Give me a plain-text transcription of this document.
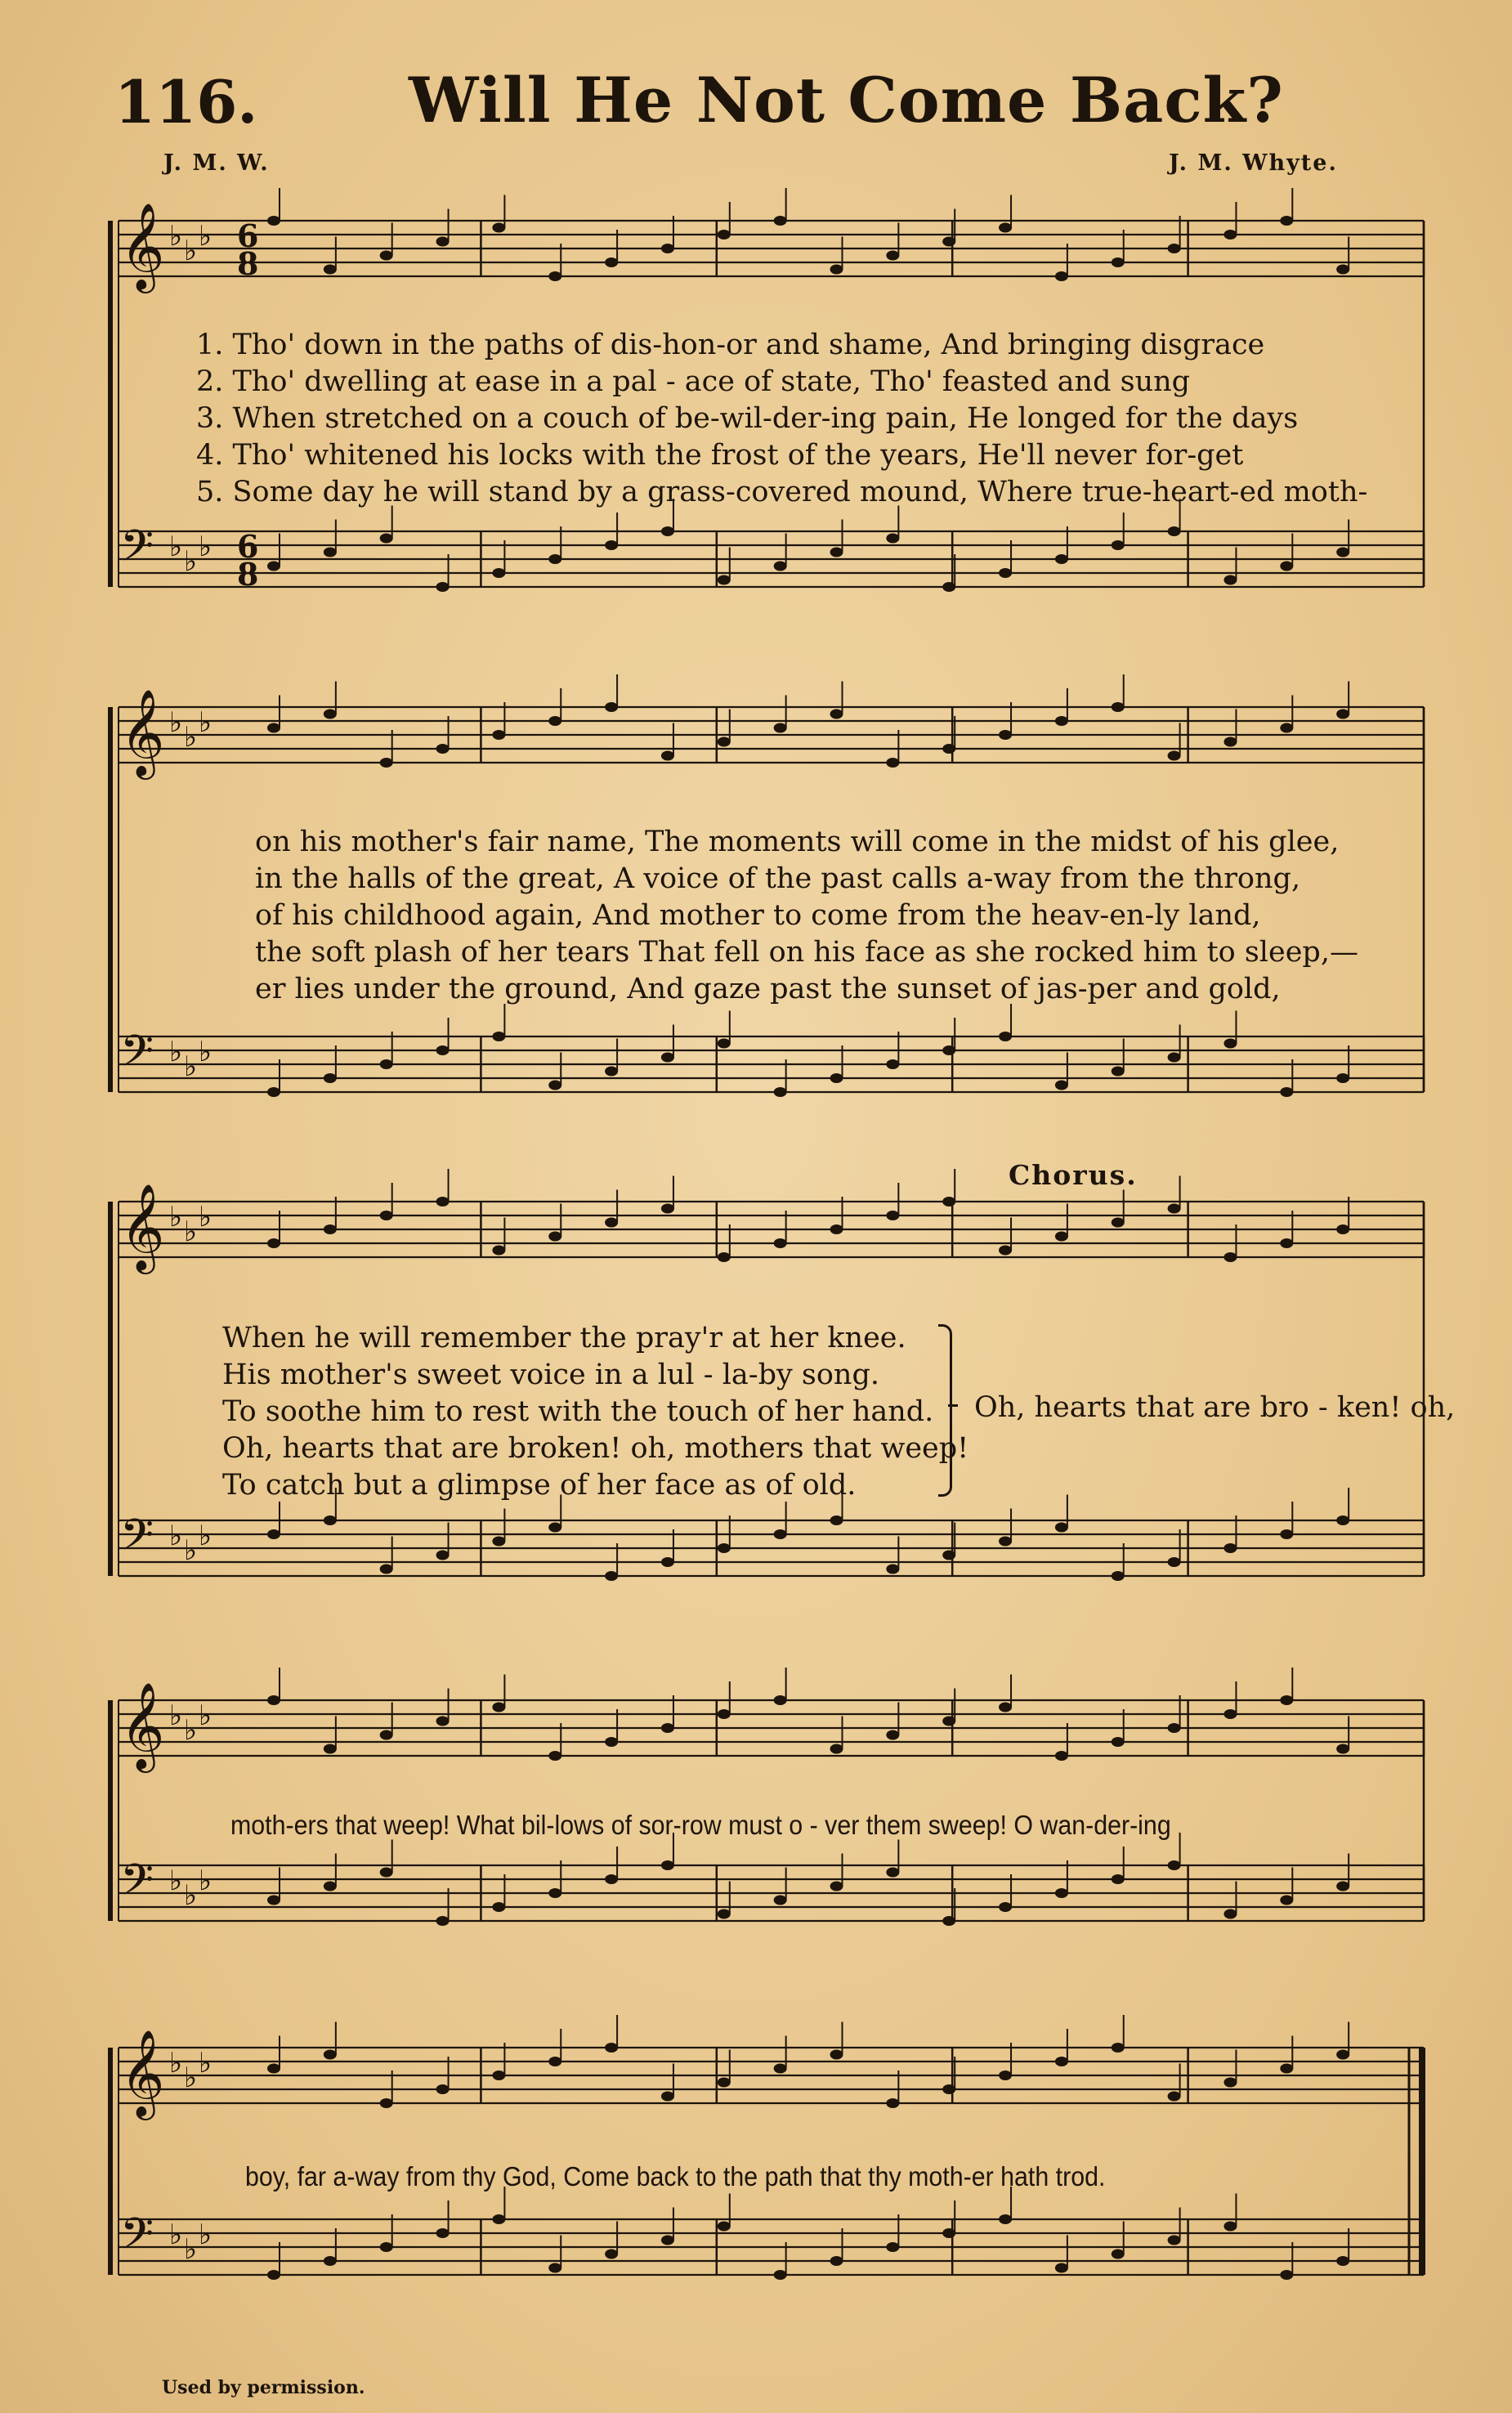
𝄞 ♭ ♭ ♭
𝄢 ♭ ♭ ♭
𝄞 ♭ ♭ ♭
𝄢 ♭ ♭ ♭
𝄞 ♭ ♭ ♭
𝄢 ♭ ♭ ♭
𝄞 ♭ ♭ ♭
𝄢 ♭ ♭ ♭
𝄞 ♭ ♭ ♭
𝄢 ♭ ♭ ♭
6
8
6
8
116. Will He Not Come Back?
J. M. W.	J. M. Whyte.
1. Tho' down in the paths of dis-hon-or and shame, And bringing disgrace
2. Tho' dwelling at ease in a pal - ace of state, Tho' feasted and sung
3. When stretched on a couch of be-wil-der-ing pain, He longed for the days
4. Tho' whitened his locks with the frost of the years, He'll never for-get
5. Some day he will stand by a grass-covered mound, Where true-heart-ed moth-
on his mother's fair name, The moments will come in the midst of his glee,
in the halls of the great, A voice of the past calls a-way from the throng,
of his childhood again, And mother to come from the heav-en-ly land,
the soft plash of her tears That fell on his face as she rocked him to sleep,—
er lies under the ground, And gaze past the sunset of jas-per and gold,
Chorus.
When he will remember the pray'r at her knee.
His mother's sweet voice in a lul - la-by song.
To soothe him to rest with the touch of her hand.
Oh, hearts that are broken! oh, mothers that weep!
To catch but a glimpse of her face as of old.
Oh, hearts that are bro - ken! oh,
moth-ers that weep! What bil-lows of sor-row must o - ver them sweep! O wan-der-ing
boy, far a-way from thy God, Come back to the path that thy moth-er hath trod.
Used by permission.
